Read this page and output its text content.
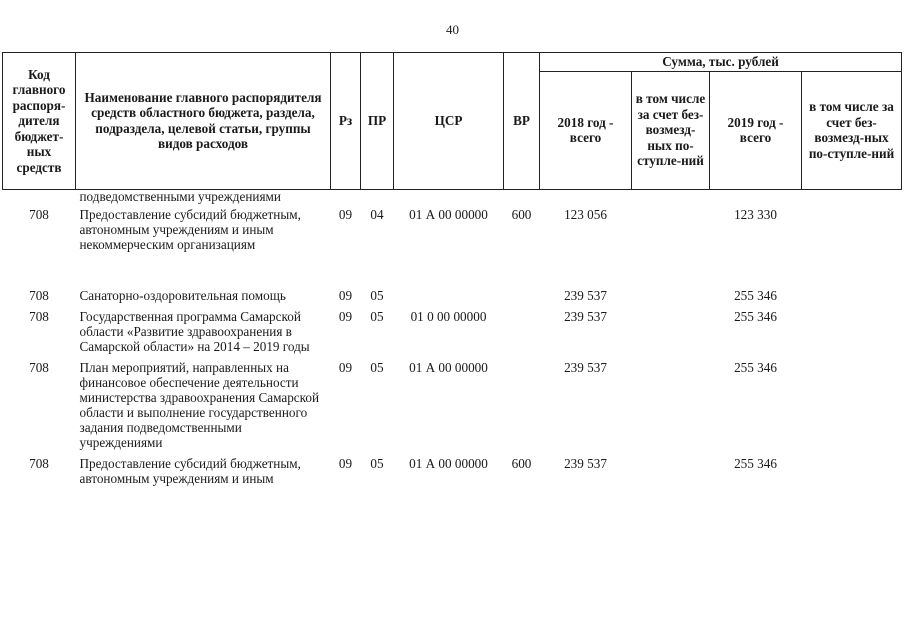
40
Код главного распоря-дителя бюджет-ных средств	Наименование главного распорядителя средств областного бюджета, раздела, подраздела, целевой статьи, группы видов расходов	Рз	ПР	ЦСР	ВР	Сумма, тыс. рублей			
						2018 год - всего	в том числе за счет без-возмезд-ных по-ступле-ний	2019 год - всего	в том числе за счет без-возмезд-ных по-ступле-ний
	подведомственными учреждениями								
708	Предоставление субсидий бюджетным, автономным учреждениям и иным некоммерческим организациям	09	04	01 А 00 00000	600	123 056		123 330	
708	Санаторно-оздоровительная помощь	09	05			239 537		255 346	
708	Государственная программа Самарской области «Развитие здравоохранения в Самарской области» на 2014 – 2019 годы	09	05	01 0 00 00000		239 537		255 346	
708	План мероприятий, направленных на финансовое обеспечение деятельности министерства здравоохранения Самарской области и выполнение государственного задания подведомственными учреждениями	09	05	01 А 00 00000		239 537		255 346	
708	Предоставление субсидий бюджетным, автономным учреждениям и иным	09	05	01 А 00 00000	600	239 537		255 346	
